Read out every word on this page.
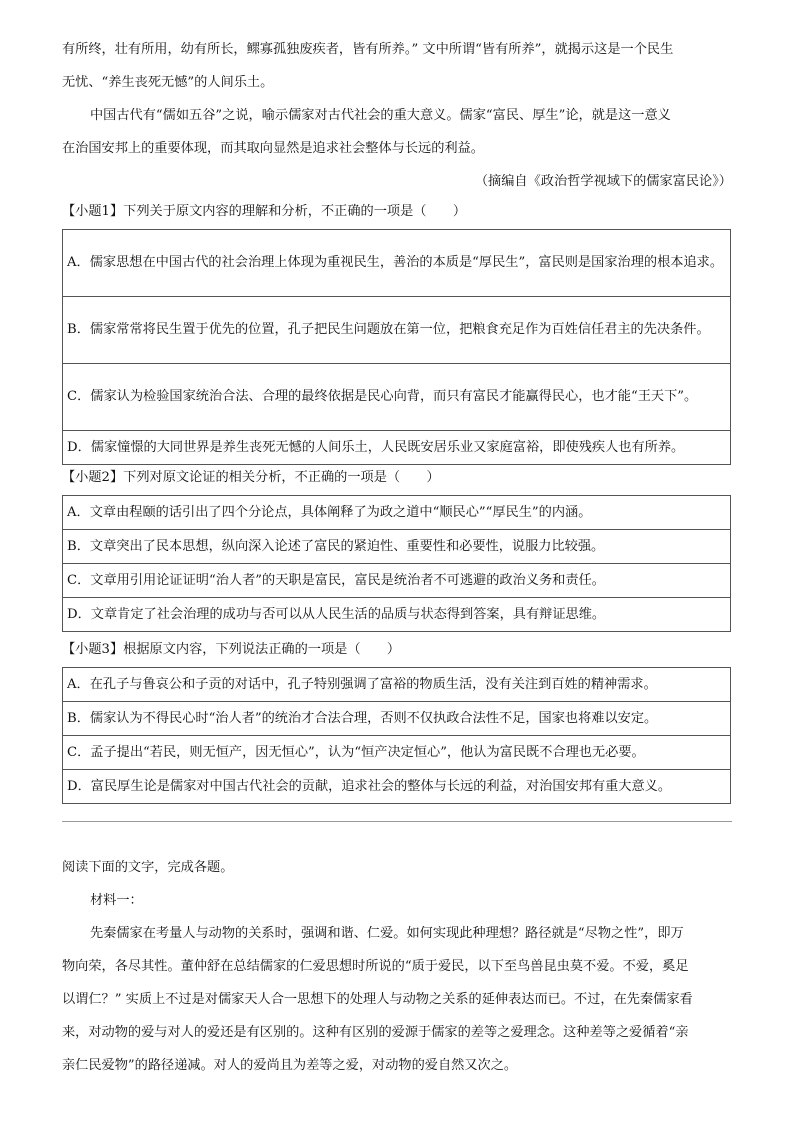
有所终，壮有所用，幼有所长，鳏寡孤独废疾者，皆有所养。” 文中所谓“皆有所养”，就揭示这是一个民生
无忧、“养生丧死无憾”的人间乐土。
中国古代有“儒如五谷”之说，喻示儒家对古代社会的重大意义。儒家“富民、厚生”论，就是这一意义
在治国安邦上的重要体现，而其取向显然是追求社会整体与长远的利益。
（摘编自《政治哲学视域下的儒家富民论》）
【小题1】下列关于原文内容的理解和分析，不正确的一项是（　　）
A．儒家思想在中国古代的社会治理上体现为重视民生，善治的本质是“厚民生”，富民则是国家治理的根本追求。
B．儒家常常将民生置于优先的位置，孔子把民生问题放在第一位，把粮食充足作为百姓信任君主的先决条件。
C．儒家认为检验国家统治合法、合理的最终依据是民心向背，而只有富民才能赢得民心，也才能“王天下”。
D．儒家憧憬的大同世界是养生丧死无憾的人间乐土，人民既安居乐业又家庭富裕，即使残疾人也有所养。
【小题2】下列对原文论证的相关分析，不正确的一项是（　　）
A．文章由程颐的话引出了四个分论点，具体阐释了为政之道中“顺民心”“厚民生”的内涵。
B．文章突出了民本思想，纵向深入论述了富民的紧迫性、重要性和必要性，说服力比较强。
C．文章用引用论证证明“治人者”的天职是富民，富民是统治者不可逃避的政治义务和责任。
D．文章肯定了社会治理的成功与否可以从人民生活的品质与状态得到答案，具有辩证思维。
【小题3】根据原文内容，下列说法正确的一项是（　　）
A．在孔子与鲁哀公和子贡的对话中，孔子特别强调了富裕的物质生活，没有关注到百姓的精神需求。
B．儒家认为不得民心时“治人者”的统治才合法合理，否则不仅执政合法性不足，国家也将难以安定。
C．孟子提出“若民，则无恒产，因无恒心”，认为“恒产决定恒心”，他认为富民既不合理也无必要。
D．富民厚生论是儒家对中国古代社会的贡献，追求社会的整体与长远的利益，对治国安邦有重大意义。
阅读下面的文字，完成各题。
材料一：
先秦儒家在考量人与动物的关系时，强调和谐、仁爱。如何实现此种理想？路径就是“尽物之性”，即万
物向荣，各尽其性。董仲舒在总结儒家的仁爱思想时所说的“质于爱民，以下至鸟兽昆虫莫不爱。不爱，奚足
以谓仁？” 实质上不过是对儒家天人合一思想下的处理人与动物之关系的延伸表达而已。不过，在先秦儒家看
来，对动物的爱与对人的爱还是有区别的。这种有区别的爱源于儒家的差等之爱理念。这种差等之爱循着“亲
亲仁民爱物”的路径递减。对人的爱尚且为差等之爱，对动物的爱自然又次之。
